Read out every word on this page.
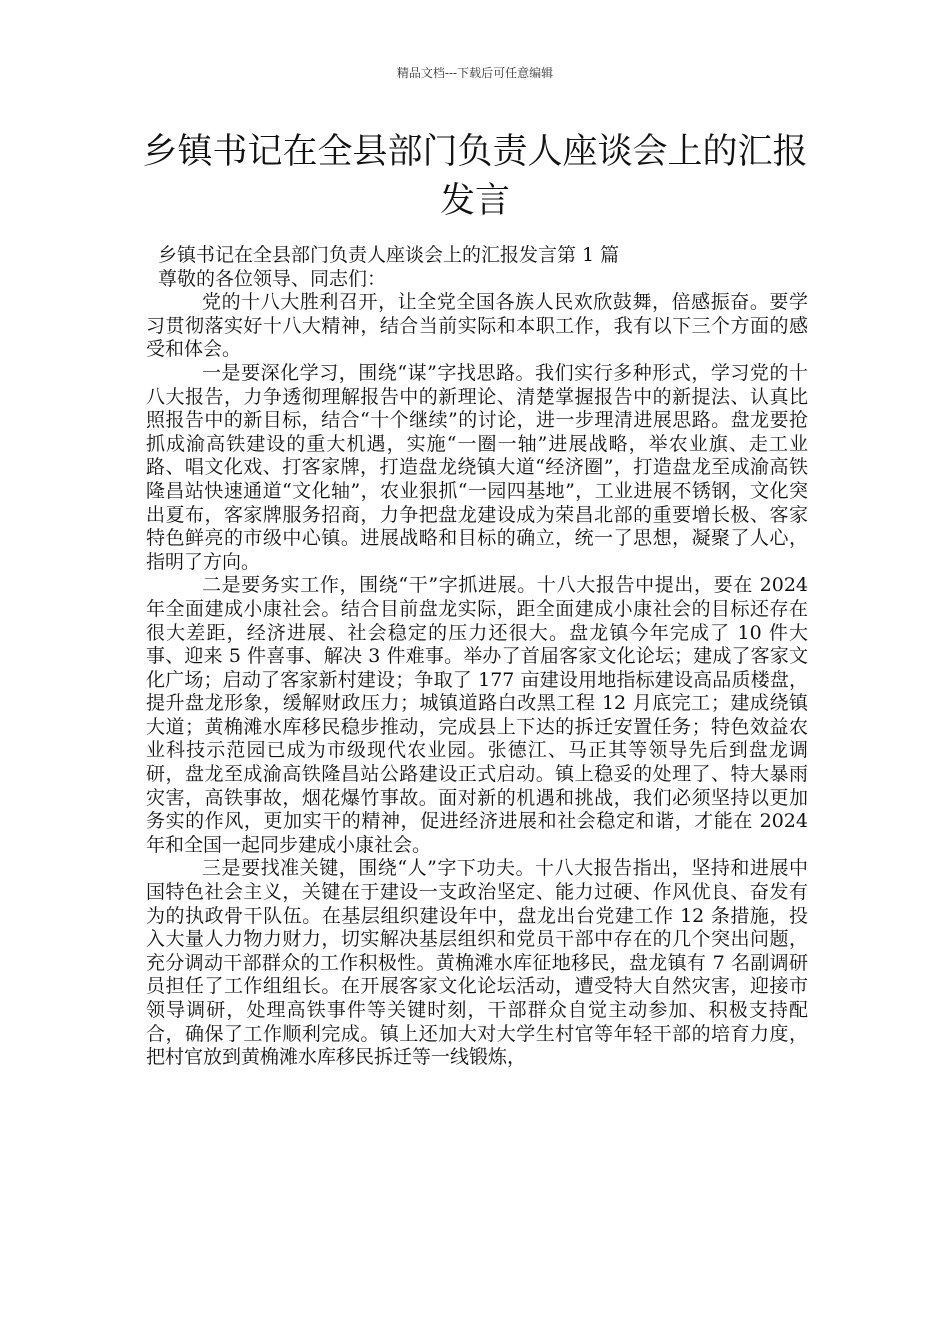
精品文档---下载后可任意编辑
乡镇书记在全县部门负责人座谈会上的汇报发言

乡镇书记在全县部门负责人座谈会上的汇报发言第 1 篇

尊敬的各位领导、同志们：

党的十八大胜利召开，让全党全国各族人民欢欣鼓舞，倍感振奋。要学习贯彻落实好十八大精神，结合当前实际和本职工作，我有以下三个方面的感受和体会。

一是要深化学习，围绕“谋”字找思路。我们实行多种形式，学习党的十八大报告，力争透彻理解报告中的新理论、清楚掌握报告中的新提法、认真比照报告中的新目标，结合“十个继续”的讨论，进一步理清进展思路。盘龙要抢抓成渝高铁建设的重大机遇，实施“一圈一轴”进展战略，举农业旗、走工业路、唱文化戏、打客家牌，打造盘龙绕镇大道“经济圈”，打造盘龙至成渝高铁隆昌站快速通道“文化轴”，农业狠抓“一园四基地”，工业进展不锈钢，文化突出夏布，客家牌服务招商，力争把盘龙建设成为荣昌北部的重要增长极、客家特色鲜亮的市级中心镇。进展战略和目标的确立，统一了思想，凝聚了人心，指明了方向。

二是要务实工作，围绕“干”字抓进展。十八大报告中提出，要在 2024 年全面建成小康社会。结合目前盘龙实际，距全面建成小康社会的目标还存在很大差距，经济进展、社会稳定的压力还很大。盘龙镇今年完成了 10 件大事、迎来 5 件喜事、解决 3 件难事。举办了首届客家文化论坛；建成了客家文化广场；启动了客家新村建设；争取了 177 亩建设用地指标建设高品质楼盘，提升盘龙形象，缓解财政压力；城镇道路白改黑工程 12 月底完工；建成绕镇大道；黄桷滩水库移民稳步推动，完成县上下达的拆迁安置任务；特色效益农业科技示范园已成为市级现代农业园。张德江、马正其等领导先后到盘龙调研，盘龙至成渝高铁隆昌站公路建设正式启动。镇上稳妥的处理了、特大暴雨灾害，高铁事故，烟花爆竹事故。面对新的机遇和挑战，我们必须坚持以更加务实的作风，更加实干的精神，促进经济进展和社会稳定和谐，才能在 2024 年和全国一起同步建成小康社会。

三是要找准关键，围绕“人”字下功夫。十八大报告指出，坚持和进展中国特色社会主义，关键在于建设一支政治坚定、能力过硬、作风优良、奋发有为的执政骨干队伍。在基层组织建设年中，盘龙出台党建工作 12 条措施，投入大量人力物力财力，切实解决基层组织和党员干部中存在的几个突出问题，充分调动干部群众的工作积极性。黄桷滩水库征地移民，盘龙镇有 7 名副调研员担任了工作组组长。在开展客家文化论坛活动，遭受特大自然灾害，迎接市领导调研，处理高铁事件等关键时刻，干部群众自觉主动参加、积极支持配合，确保了工作顺利完成。镇上还加大对大学生村官等年轻干部的培育力度，把村官放到黄桷滩水库移民拆迁等一线锻炼，
